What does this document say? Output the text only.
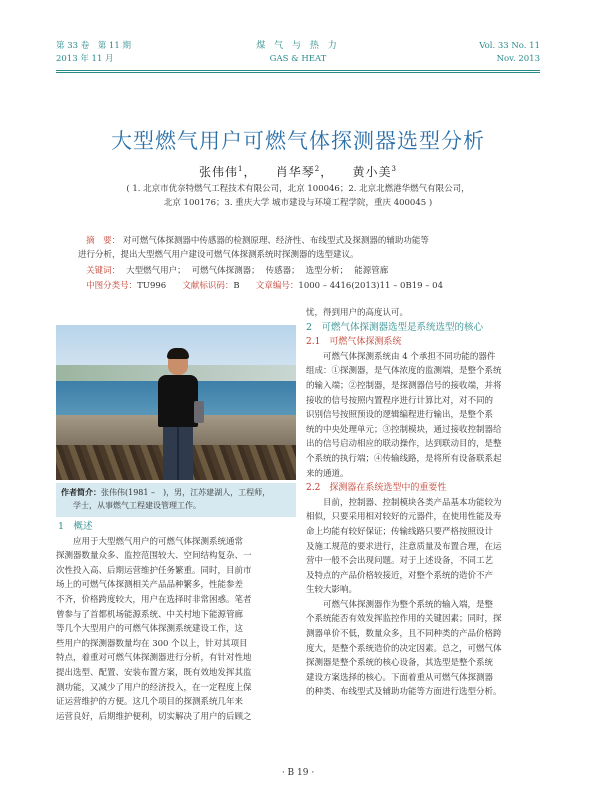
第 33 卷　第 11 期
2013 年 11 月
煤 气 与 热 力
GAS & HEAT
Vol. 33 No. 11
Nov. 2013
大型燃气用户可燃气体探测器选型分析
张伟伟$^1$，    肖华琴$^2$，    黄小美$^3$
( 1. 北京市优奈特燃气工程技术有限公司，北京 100046；2. 北京北燃港华燃气有限公司，
北京 100176；3. 重庆大学 城市建设与环境工程学院，重庆 400045 )
摘　要： 对可燃气体探测器中传感器的检测原理、经济性、布线型式及探测器的辅助功能等
进行分析，提出大型燃气用户建设可燃气体探测系统时探测器的选型建议。
关键词： 大型燃气用户； 可燃气体探测器； 传感器； 选型分析； 能源管廊
中图分类号：TU996 文献标识码：B 文章编号：1000 – 4416(2013)11 – 0B19 – 04
作者简介：张伟伟(1981 –　)，男，江苏建湖人，工程师，
学士，从事燃气工程建设管理工作。
1　概述
应用于大型燃气用户的可燃气体探测系统通常
探测器数量众多、监控范围较大、空间结构复杂、一
次性投入高、后期运营维护任务繁重。同时，目前市
场上的可燃气体探测相关产品品种繁多，性能参差
不齐，价格跨度较大，用户在选择时非常困惑。笔者
曾参与了首都机场能源系统、中关村地下能源管廊
等几个大型用户的可燃气体探测系统建设工作，这
些用户的探测器数量均在 300 个以上，针对其项目
特点，着重对可燃气体探测器进行分析，有针对性地
提出选型、配置、安装布置方案，既有效地发挥其监
测功能，又减少了用户的经济投入，在一定程度上保
证运营维护的方便。这几个项目的探测系统几年来
运营良好，后期维护便利，切实解决了用户的后顾之
忧，得到用户的高度认可。
2　可燃气体探测器选型是系统选型的核心
2.1　可燃气体探测系统
可燃气体探测系统由 4 个承担不同功能的器件
组成：①探测器，是气体浓度的监测端，是整个系统
的输入端；②控制器，是探测器信号的接收端，并将
接收的信号按照内置程序进行计算比对，对不同的
识别信号按照预设的逻辑编程进行输出，是整个系
统的中央处理单元；③控制模块，通过接收控制器给
出的信号启动相应的联动操作，达到联动目的，是整
个系统的执行端；④传输线路，是将所有设备联系起
来的通道。
2.2　探测器在系统选型中的重要性
目前，控制器、控制模块各类产品基本功能较为
相似，只要采用相对较好的元器件，在使用性能及寿
命上均能有较好保证；传输线路只要严格按照设计
及施工规范的要求进行，注意质量及布置合理，在运
营中一般不会出现问题。对于上述设备，不同工艺
及特点的产品价格较接近，对整个系统的造价不产
生较大影响。
可燃气体探测器作为整个系统的输入端，是整
个系统能否有效发挥监控作用的关键因素；同时，探
测器单价不低，数量众多，且不同种类的产品价格跨
度大，是整个系统造价的决定因素。总之，可燃气体
探测器是整个系统的核心设备，其选型是整个系统
建设方案选择的核心。下面着重从可燃气体探测器
的种类、布线型式及辅助功能等方面进行选型分析。
· B 19 ·
